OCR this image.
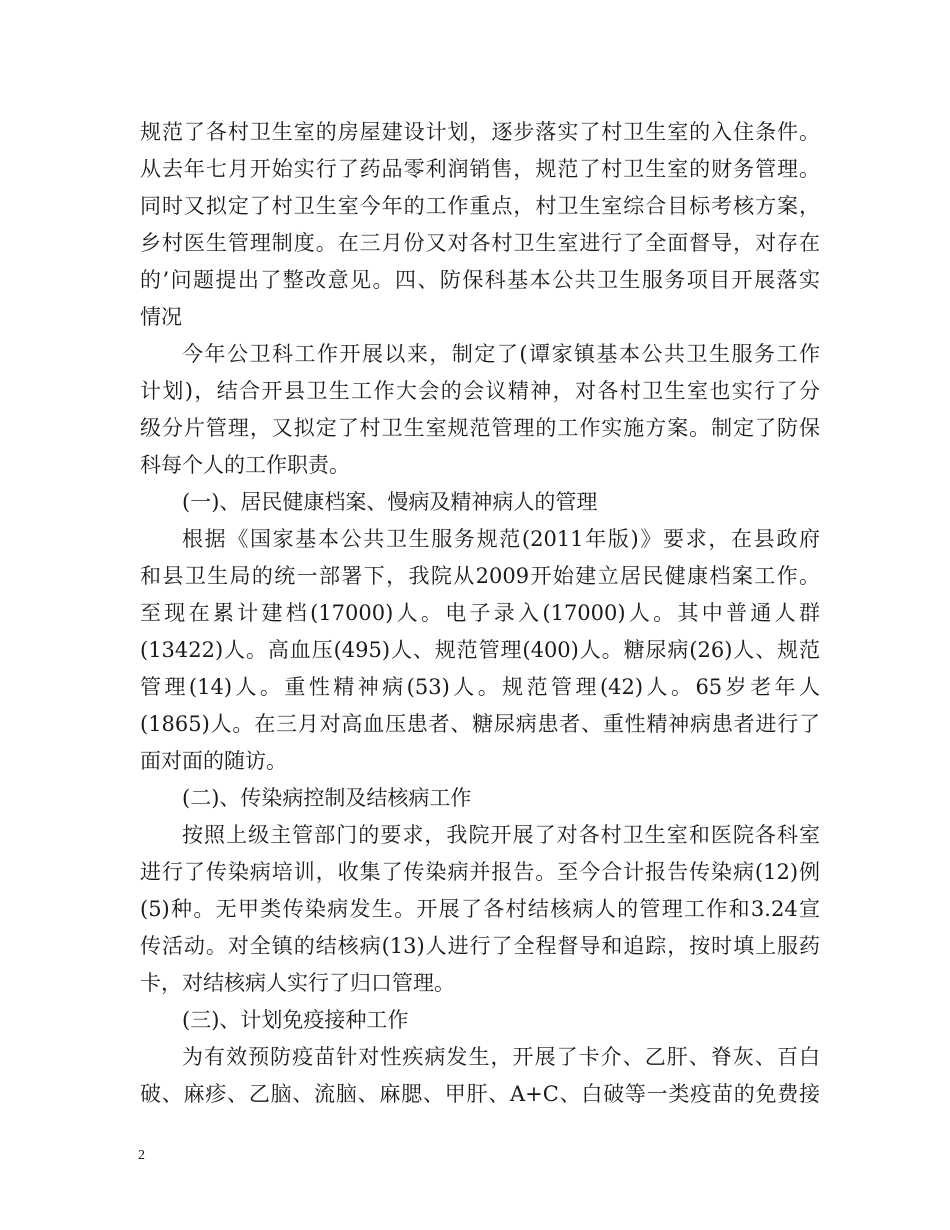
规范了各村卫生室的房屋建设计划，逐步落实了村卫生室的入住条件。
从去年七月开始实行了药品零利润销售，规范了村卫生室的财务管理。
同时又拟定了村卫生室今年的工作重点，村卫生室综合目标考核方案，
乡村医生管理制度。在三月份又对各村卫生室进行了全面督导，对存在
的’问题提出了整改意见。四、防保科基本公共卫生服务项目开展落实
情况
今年公卫科工作开展以来，制定了(谭家镇基本公共卫生服务工作
计划)，结合开县卫生工作大会的会议精神，对各村卫生室也实行了分
级分片管理，又拟定了村卫生室规范管理的工作实施方案。制定了防保
科每个人的工作职责。
(一)、居民健康档案、慢病及精神病人的管理
根据《国家基本公共卫生服务规范(2011年版)》要求，在县政府
和县卫生局的统一部署下，我院从2009开始建立居民健康档案工作。
至现在累计建档(17000)人。电子录入(17000)人。其中普通人群
(13422)人。高血压(495)人、规范管理(400)人。糖尿病(26)人、规范
管理(14)人。重性精神病(53)人。规范管理(42)人。65岁老年人
(1865)人。在三月对高血压患者、糖尿病患者、重性精神病患者进行了
面对面的随访。
(二)、传染病控制及结核病工作
按照上级主管部门的要求，我院开展了对各村卫生室和医院各科室
进行了传染病培训，收集了传染病并报告。至今合计报告传染病(12)例
(5)种。无甲类传染病发生。开展了各村结核病人的管理工作和3.24宣
传活动。对全镇的结核病(13)人进行了全程督导和追踪，按时填上服药
卡，对结核病人实行了归口管理。
(三)、计划免疫接种工作
为有效预防疫苗针对性疾病发生，开展了卡介、乙肝、脊灰、百白
破、麻疹、乙脑、流脑、麻腮、甲肝、A+C、白破等一类疫苗的免费接
2
